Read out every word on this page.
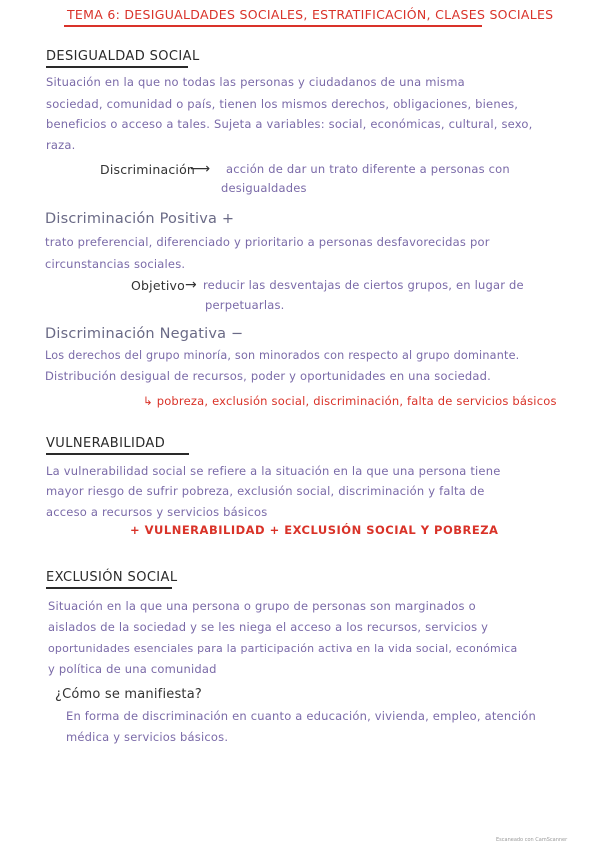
TEMA 6: DESIGUALDADES SOCIALES, ESTRATIFICACIÓN, CLASES SOCIALES
DESIGUALDAD SOCIAL
Situación en la que no todas las personas y ciudadanos de una misma
sociedad, comunidad o país, tienen los mismos derechos, obligaciones, bienes,
beneficios o acceso a tales. Sujeta a variables: social, económicas, cultural, sexo,
raza.
Discriminación
⟶ acción de dar un trato diferente a personas con
desigualdades
Discriminación Positiva +
trato preferencial, diferenciado y prioritario a personas desfavorecidas por
circunstancias sociales.
Objetivo → reducir las desventajas de ciertos grupos, en lugar de
perpetuarlas.
Discriminación Negativa −
Los derechos del grupo minoría, son minorados con respecto al grupo dominante.
Distribución desigual de recursos, poder y oportunidades en una sociedad.
↳ pobreza, exclusión social, discriminación, falta de servicios básicos
VULNERABILIDAD
La vulnerabilidad social se refiere a la situación en la que una persona tiene
mayor riesgo de sufrir pobreza, exclusión social, discriminación y falta de
acceso a recursos y servicios básicos
+ VULNERABILIDAD + EXCLUSIÓN SOCIAL Y POBREZA
EXCLUSIÓN SOCIAL
Situación en la que una persona o grupo de personas son marginados o
aislados de la sociedad y se les niega el acceso a los recursos, servicios y
oportunidades esenciales para la participación activa en la vida social, económica
y política de una comunidad
¿Cómo se manifiesta?
En forma de discriminación en cuanto a educación, vivienda, empleo, atención
médica y servicios básicos.
Escaneado con CamScanner
